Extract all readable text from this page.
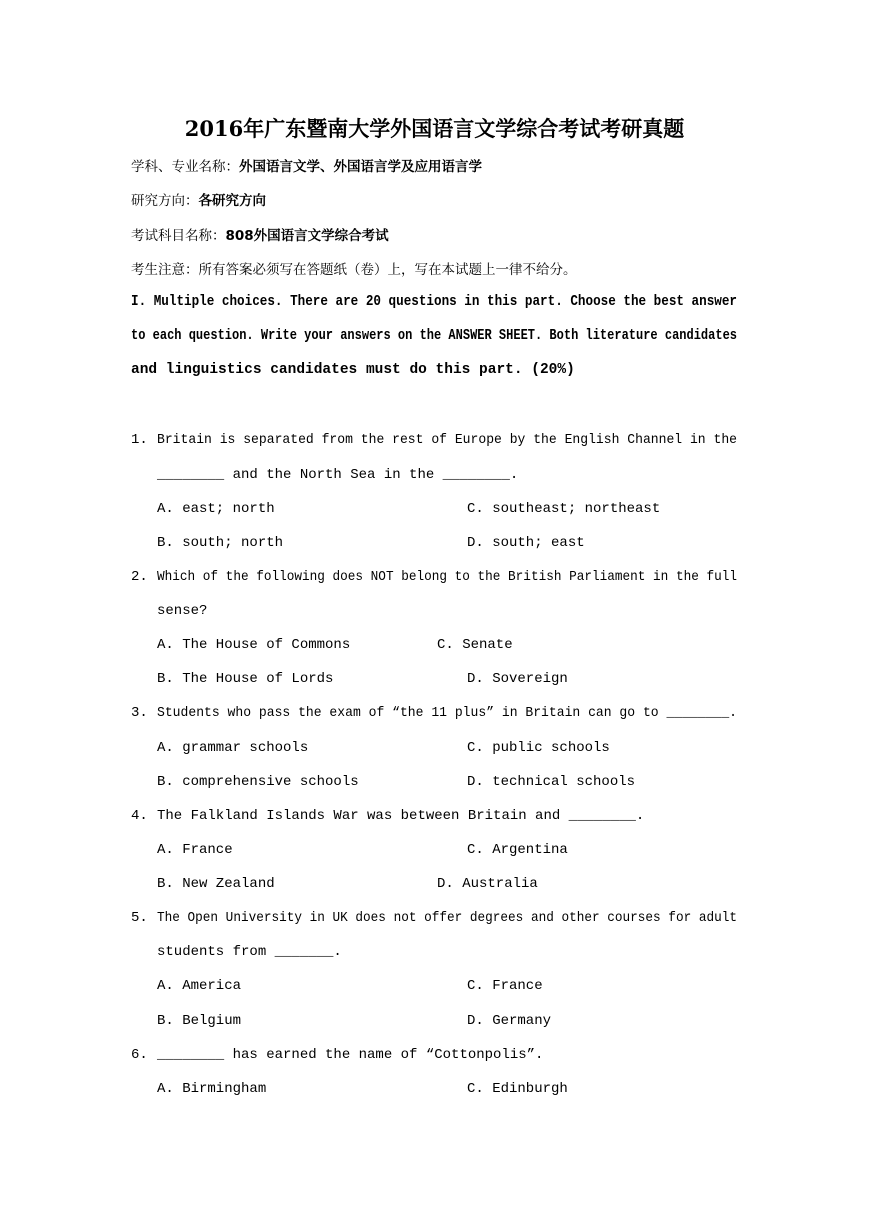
2016年广东暨南大学外国语言文学综合考试考研真题
学科、专业名称：外国语言文学、外国语言学及应用语言学
研究方向：各研究方向
考试科目名称：808外国语言文学综合考试
考生注意：所有答案必须写在答题纸（卷）上，写在本试题上一律不给分。
I. Multiple choices. There are 20 questions in this part. Choose the best answer
to each question. Write your answers on the ANSWER SHEET. Both literature candidates
and linguistics candidates must do this part. (20%)
1. Britain is separated from the rest of Europe by the English Channel in the
________ and the North Sea in the ________.
A. east; north	C. southeast; northeast
B. south; north	D. south; east
2. Which of the following does NOT belong to the British Parliament in the full
sense?
A. The House of Commons	C. Senate
B. The House of Lords	D. Sovereign
3. Students who pass the exam of “the 11 plus” in Britain can go to ________.
A. grammar schools	C. public schools
B. comprehensive schools	D. technical schools
4. The Falkland Islands War was between Britain and ________.
A. France	C. Argentina
B. New Zealand	D. Australia
5. The Open University in UK does not offer degrees and other courses for adult
students from _______.
A. America	C. France
B. Belgium	D. Germany
6. ________ has earned the name of “Cottonpolis”.
A. Birmingham	C. Edinburgh
